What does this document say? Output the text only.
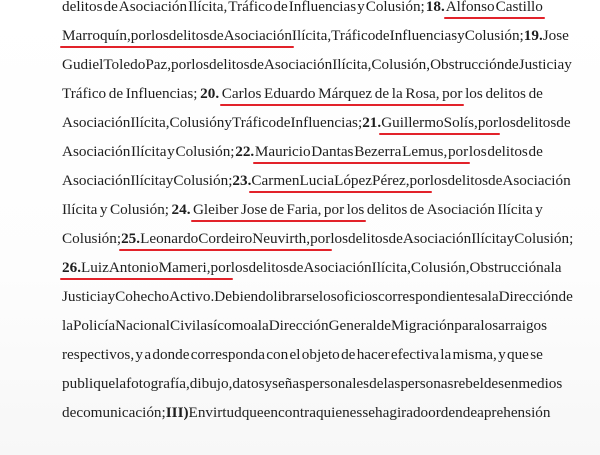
delitos de Asociación Ilícita, Tráfico de Influencias y Colusión; 18. Alfonso Castillo
Marroquín, por los delitos de Asociación Ilícita, Tráfico de Influencias y Colusión; 19. Jose
Gudiel Toledo Paz, por los delitos de Asociación Ilícita, Colusión, Obstrucción de Justicia y
Tráfico de Influencias; 20. Carlos Eduardo Márquez de la Rosa, por los delitos de
Asociación Ilícita, Colusión y Tráfico de Influencias; 21. Guillermo Solís, por los delitos de
Asociación Ilícita y Colusión; 22. Mauricio Dantas Bezerra Lemus, por los delitos de
Asociación Ilícita y Colusión; 23. Carmen Lucia López Pérez, por los delitos de Asociación
Ilícita y Colusión; 24. Gleiber Jose de Faria, por los delitos de Asociación Ilícita y
Colusión; 25. Leonardo Cordeiro Neuvirth, por los delitos de Asociación Ilícita y Colusión;
26. Luiz Antonio Mameri, por los delitos de Asociación Ilícita, Colusión, Obstrucción a la
Justicia y Cohecho Activo. Debiendo librarse los oficios correspondientes a la Dirección de
la Policía Nacional Civil así como a la Dirección General de Migración para los arraigos
respectivos, y a donde corresponda con el objeto de hacer efectiva la misma, y que se
publique la fotografía, dibujo, datos y señas personales de las personas rebeldes en medios
de comunicación; III) En virtud que en contra quienes se ha girado orden de aprehensión
